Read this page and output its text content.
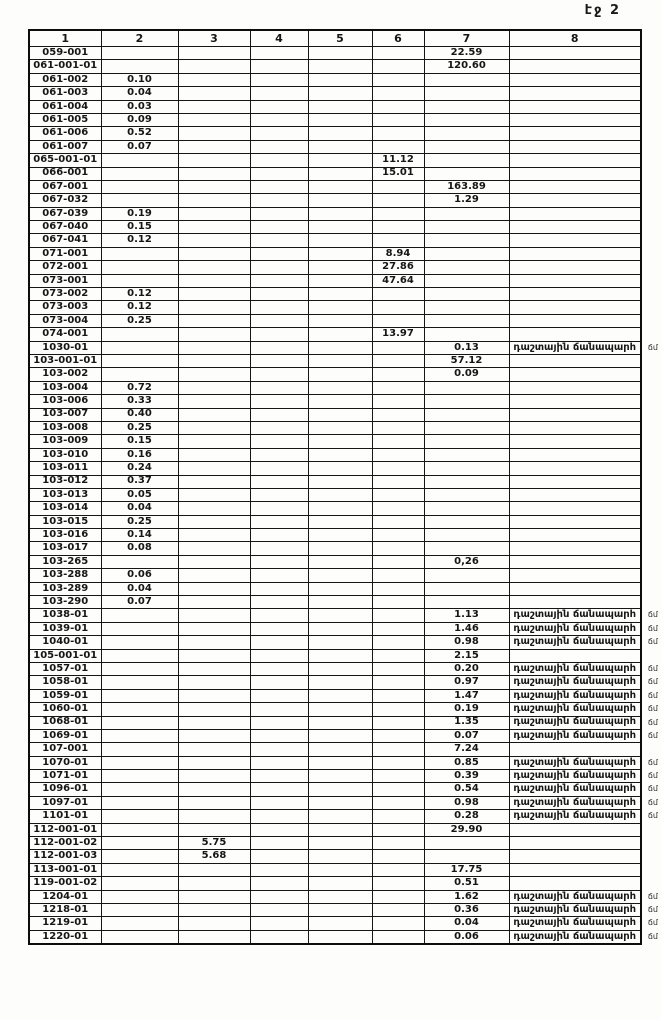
էջ 2
1	2	3	4	5	6	7	8
059-001						22.59	
061-001-01						120.60	
061-002	0.10						
061-003	0.04						
061-004	0.03						
061-005	0.09						
061-006	0.52						
061-007	0.07						
065-001-01					11.12		
066-001					15.01		
067-001						163.89	
067-032						1.29	
067-039	0.19						
067-040	0.15						
067-041	0.12						
071-001					8.94		
072-001					27.86		
073-001					47.64		
073-002	0.12						
073-003	0.12						
073-004	0.25						
074-001					13.97		
1030-01						0.13	դաշտային ճանապարհ ճմ

103-001-01						57.12	
103-002						0.09	
103-004	0.72						
103-006	0.33						
103-007	0.40						
103-008	0.25						
103-009	0.15						
103-010	0.16						
103-011	0.24						
103-012	0.37						
103-013	0.05						
103-014	0.04						
103-015	0.25						
103-016	0.14						
103-017	0.08						
103-265						0,26	
103-288	0.06						
103-289	0.04						
103-290	0.07						
1038-01						1.13	դաշտային ճանապարհ ճմ

1039-01						1.46	դաշտային ճանապարհ ճմ

1040-01						0.98	դաշտային ճանապարհ ճմ

105-001-01						2.15	
1057-01						0.20	դաշտային ճանապարհ ճմ

1058-01						0.97	դաշտային ճանապարհ ճմ

1059-01						1.47	դաշտային ճանապարհ ճմ

1060-01						0.19	դաշտային ճանապարհ ճմ

1068-01						1.35	դաշտային ճանապարհ ճմ

1069-01						0.07	դաշտային ճանապարհ ճմ

107-001						7.24	
1070-01						0.85	դաշտային ճանապարհ ճմ

1071-01						0.39	դաշտային ճանապարհ ճմ

1096-01						0.54	դաշտային ճանապարհ ճմ

1097-01						0.98	դաշտային ճանապարհ ճմ

1101-01						0.28	դաշտային ճանապարհ ճմ

112-001-01						29.90	
112-001-02		5.75					
112-001-03		5.68					
113-001-01						17.75	
119-001-02						0.51	
1204-01						1.62	դաշտային ճանապարհ ճմ

1218-01						0.36	դաշտային ճանապարհ ճմ

1219-01						0.04	դաշտային ճանապարհ ճմ

1220-01						0.06	դաշտային ճանապարհ ճմ
